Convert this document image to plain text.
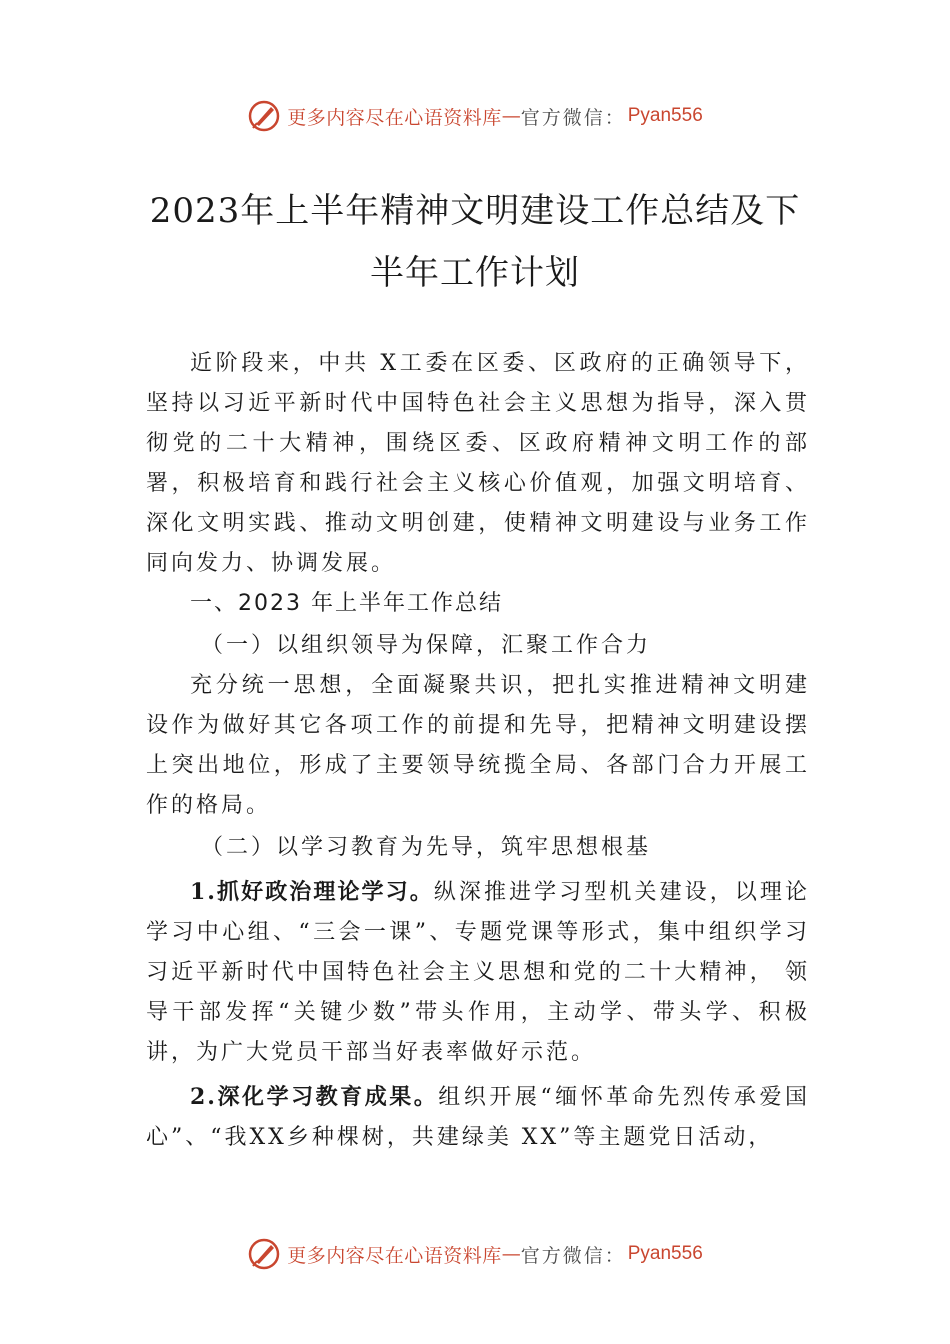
更多内容尽在心语资料库 — 官方微信： Pyan556
2023年上半年精神文明建设工作总结及下
半年工作计划

近阶段来，中共 X工委在区委、区政府的正确领导下，坚持以习近平新时代中国特色社会主义思想为指导，深入贯彻党的二十大精神，围绕区委、区政府精神文明工作的部署，积极培育和践行社会主义核心价值观，加强文明培育、深化文明实践、推动文明创建，使精神文明建设与业务工作同向发力、协调发展。

一、2023 年上半年工作总结
（一）以组织领导为保障，汇聚工作合力

充分统一思想，全面凝聚共识，把扎实推进精神文明建设作为做好其它各项工作的前提和先导，把精神文明建设摆上突出地位，形成了主要领导统揽全局、各部门合力开展工作的格局。

（二）以学习教育为先导，筑牢思想根基

1.抓好政治理论学习。纵深推进学习型机关建设，以理论学习中心组、“三会一课”、专题党课等形式，集中组织学习习近平新时代中国特色社会主义思想和党的二十大精神， 领导干部发挥“关键少数”带头作用，主动学、带头学、积极讲，为广大党员干部当好表率做好示范。

2.深化学习教育成果。组织开展“缅怀革命先烈传承爱国心”、“我XX乡种棵树，共建绿美 XX”等主题党日活动，

更多内容尽在心语资料库 — 官方微信： Pyan556
